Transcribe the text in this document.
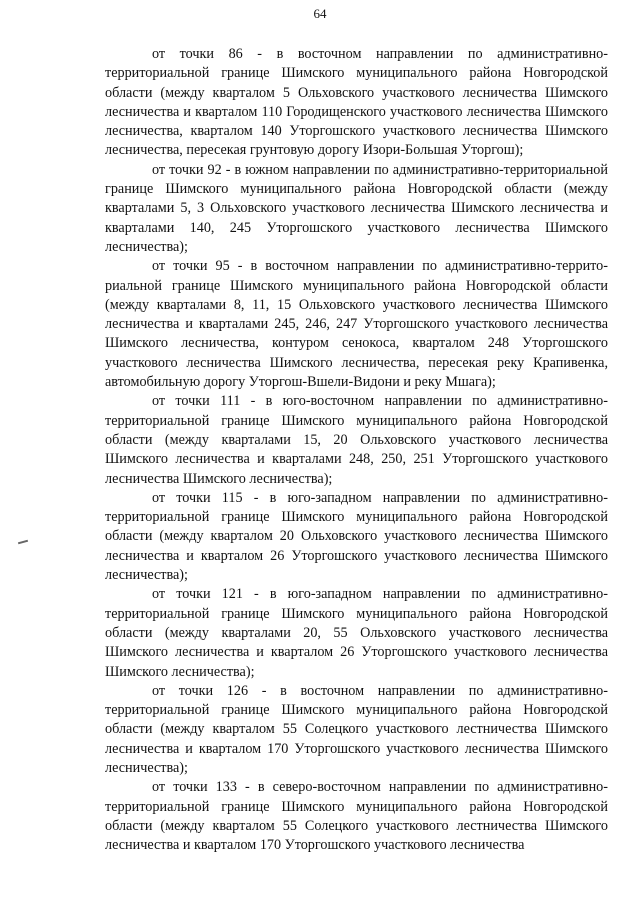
64

от точки 86 - в восточном направлении по административно-территориальной границе Шимского муниципального района Новгородской области (между кварталом 5 Ольховского участкового лесничества Шимского лесничества и кварталом 110 Городищенского участкового лесничества Шимского лесничества, кварталом 140 Уторгошского участкового лесничества Шимского лесничества, пересекая грунтовую дорогу Изори-Большая Уторгош);

от точки 92 - в южном направлении по административно-территориальной границе Шимского муниципального района Новгородской области (между кварталами 5, 3 Ольховского участкового лесничества Шимского лесничества и кварталами 140, 245 Уторгошского участкового лесничества Шимского лесничества);

от точки 95 - в восточном направлении по административно-территориальной границе Шимского муниципального района Новгородской области (между кварталами 8, 11, 15 Ольховского участкового лесничества Шимского лесничества и кварталами 245, 246, 247 Уторгошского участкового лесничества Шимского лесничества, контуром сенокоса, кварталом 248 Уторгошского участкового лесничества Шимского лесничества, пересекая реку Крапивенка, автомобильную дорогу Уторгош-Вшели-Видони и реку Мшага);

от точки 111 - в юго-восточном направлении по административно-территориальной границе Шимского муниципального района Новгородской области (между кварталами 15, 20 Ольховского участкового лесничества Шимского лесничества и кварталами 248, 250, 251 Уторгошского участкового лесничества Шимского лесничества);

от точки 115 - в юго-западном направлении по административно-территориальной границе Шимского муниципального района Новгородской области (между кварталом 20 Ольховского участкового лесничества Шимского лесничества и кварталом 26 Уторгошского участкового лесничества Шимского лесничества);

от точки 121 - в юго-западном направлении по административно-территориальной границе Шимского муниципального района Новгородской области (между кварталами 20, 55 Ольховского участкового лесничества Шимского лесничества и кварталом 26 Уторгошского участкового лесничества Шимского лесничества);

от точки 126 - в восточном направлении по административно-территориальной границе Шимского муниципального района Новгородской области (между кварталом 55 Солецкого участкового лестничества Шимского лесничества и кварталом 170 Уторгошского участкового лесничества Шимского лесничества);

от точки 133 - в северо-восточном направлении по административно-территориальной границе Шимского муниципального района Новгородской области (между кварталом 55 Солецкого участкового лестничества Шимского лесничества и кварталом 170 Уторгошского участкового лесничества
